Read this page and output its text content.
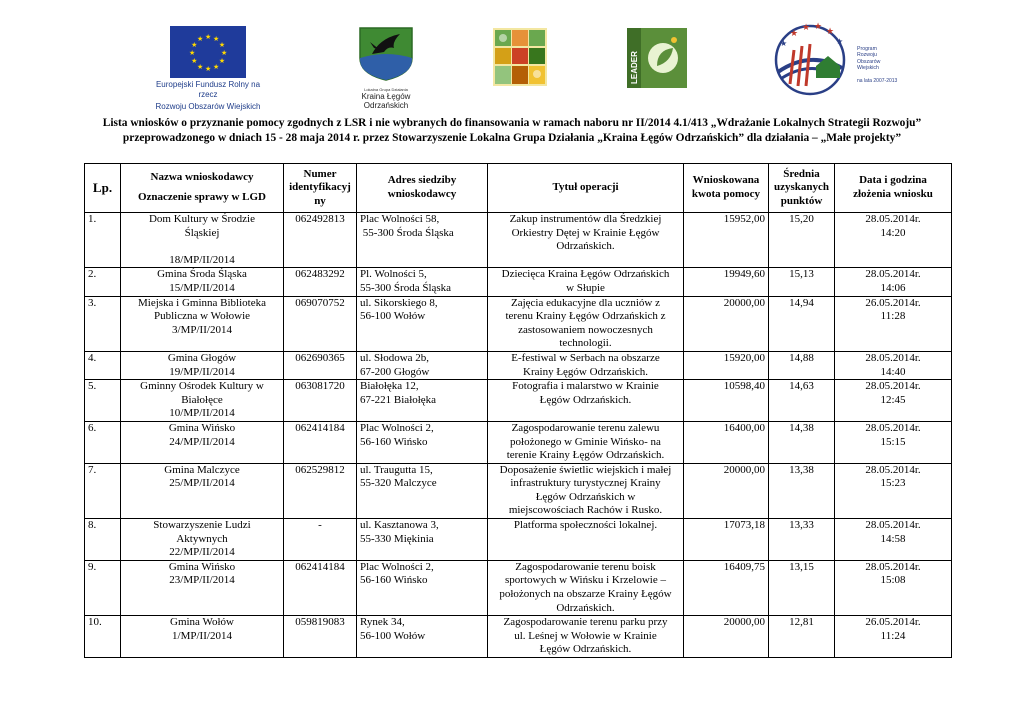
★
★
★
★
★
★
★
★
★ ★ ★
★
Europejski Fundusz Rolny na rzecz
Rozwoju Obszarów Wiejskich
Lokalna Grupa Działania
Kraina Łęgów
Odrzańskich
LEADER
★
★ ★ ★
★	★
Program
Rozwoju
Obszarów
Wiejskich
na lata 2007-2013
Lista wniosków o przyznanie pomocy zgodnych z LSR i nie wybranych do finansowania w ramach naboru nr II/2014 4.1/413 „Wdrażanie Lokalnych Strategii Rozwoju”
przeprowadzonego w dniach 15 - 28 maja 2014 r. przez Stowarzyszenie Lokalna Grupa Działania „Kraina Łęgów Odrzańskich” dla działania – „Małe projekty”
Lp.	Nazwa wnioskodawcy
Oznaczenie sprawy w LGD	Numer
identyfikacyj
ny	Adres siedziby
wnioskodawcy	Tytuł operacji	Wnioskowana
kwota pomocy	Średnia
uzyskanych
punktów	Data i godzina
złożenia wniosku

1.	Dom Kultury w Środzie
Śląskiej
18/MP/II/2014	062492813	Plac Wolności 58,
55-300 Środa Śląska	Zakup instrumentów dla Średzkiej
Orkiestry Dętej w Krainie Łęgów
Odrzańskich.	15952,00	15,20	28.05.2014r.
14:20

2.	Gmina Środa Śląska
15/MP/II/2014	062483292	Pl. Wolności 5,
55-300 Środa Śląska	Dziecięca Kraina Łęgów Odrzańskich
w Słupie	19949,60	15,13	28.05.2014r.
14:06

3.	Miejska i Gminna Biblioteka
Publiczna w Wołowie
3/MP/II/2014	069070752	ul. Sikorskiego 8,
56-100 Wołów	Zajęcia edukacyjne dla uczniów z
terenu Krainy Łęgów Odrzańskich z
zastosowaniem nowoczesnych
technologii.	20000,00	14,94	26.05.2014r.
11:28

4.	Gmina Głogów
19/MP/II/2014	062690365	ul. Słodowa 2b,
67-200 Głogów	E-festiwal w Serbach na obszarze
Krainy Łęgów Odrzańskich.	15920,00	14,88	28.05.2014r.
14:40

5.	Gminny Ośrodek Kultury w
Białołęce
10/MP/II/2014	063081720	Białołęka 12,
67-221 Białołęka	Fotografia i malarstwo w Krainie
Łęgów Odrzańskich.	10598,40	14,63	28.05.2014r.
12:45

6.	Gmina Wińsko
24/MP/II/2014	062414184	Plac Wolności 2,
56-160 Wińsko	Zagospodarowanie terenu zalewu
położonego w Gminie Wińsko- na
terenie Krainy Łęgów Odrzańskich.	16400,00	14,38	28.05.2014r.
15:15

7.	Gmina Malczyce
25/MP/II/2014	062529812	ul. Traugutta 15,
55-320 Malczyce	Doposażenie świetlic wiejskich i małej
infrastruktury turystycznej Krainy
Łęgów Odrzańskich w
miejscowościach Rachów i Rusko.	20000,00	13,38	28.05.2014r.
15:23

8.	Stowarzyszenie Ludzi
Aktywnych
22/MP/II/2014	-	ul. Kasztanowa 3,
55-330 Miękinia	Platforma społeczności lokalnej.	17073,18	13,33	28.05.2014r.
14:58

9.	Gmina Wińsko
23/MP/II/2014	062414184	Plac Wolności 2,
56-160 Wińsko	Zagospodarowanie terenu boisk
sportowych w Wińsku i Krzelowie –
położonych na obszarze Krainy Łęgów
Odrzańskich.	16409,75	13,15	28.05.2014r.
15:08

10.	Gmina Wołów
1/MP/II/2014	059819083	Rynek 34,
56-100 Wołów	Zagospodarowanie terenu parku przy
ul. Leśnej w Wołowie w Krainie
Łęgów Odrzańskich.	20000,00	12,81	26.05.2014r.
11:24
